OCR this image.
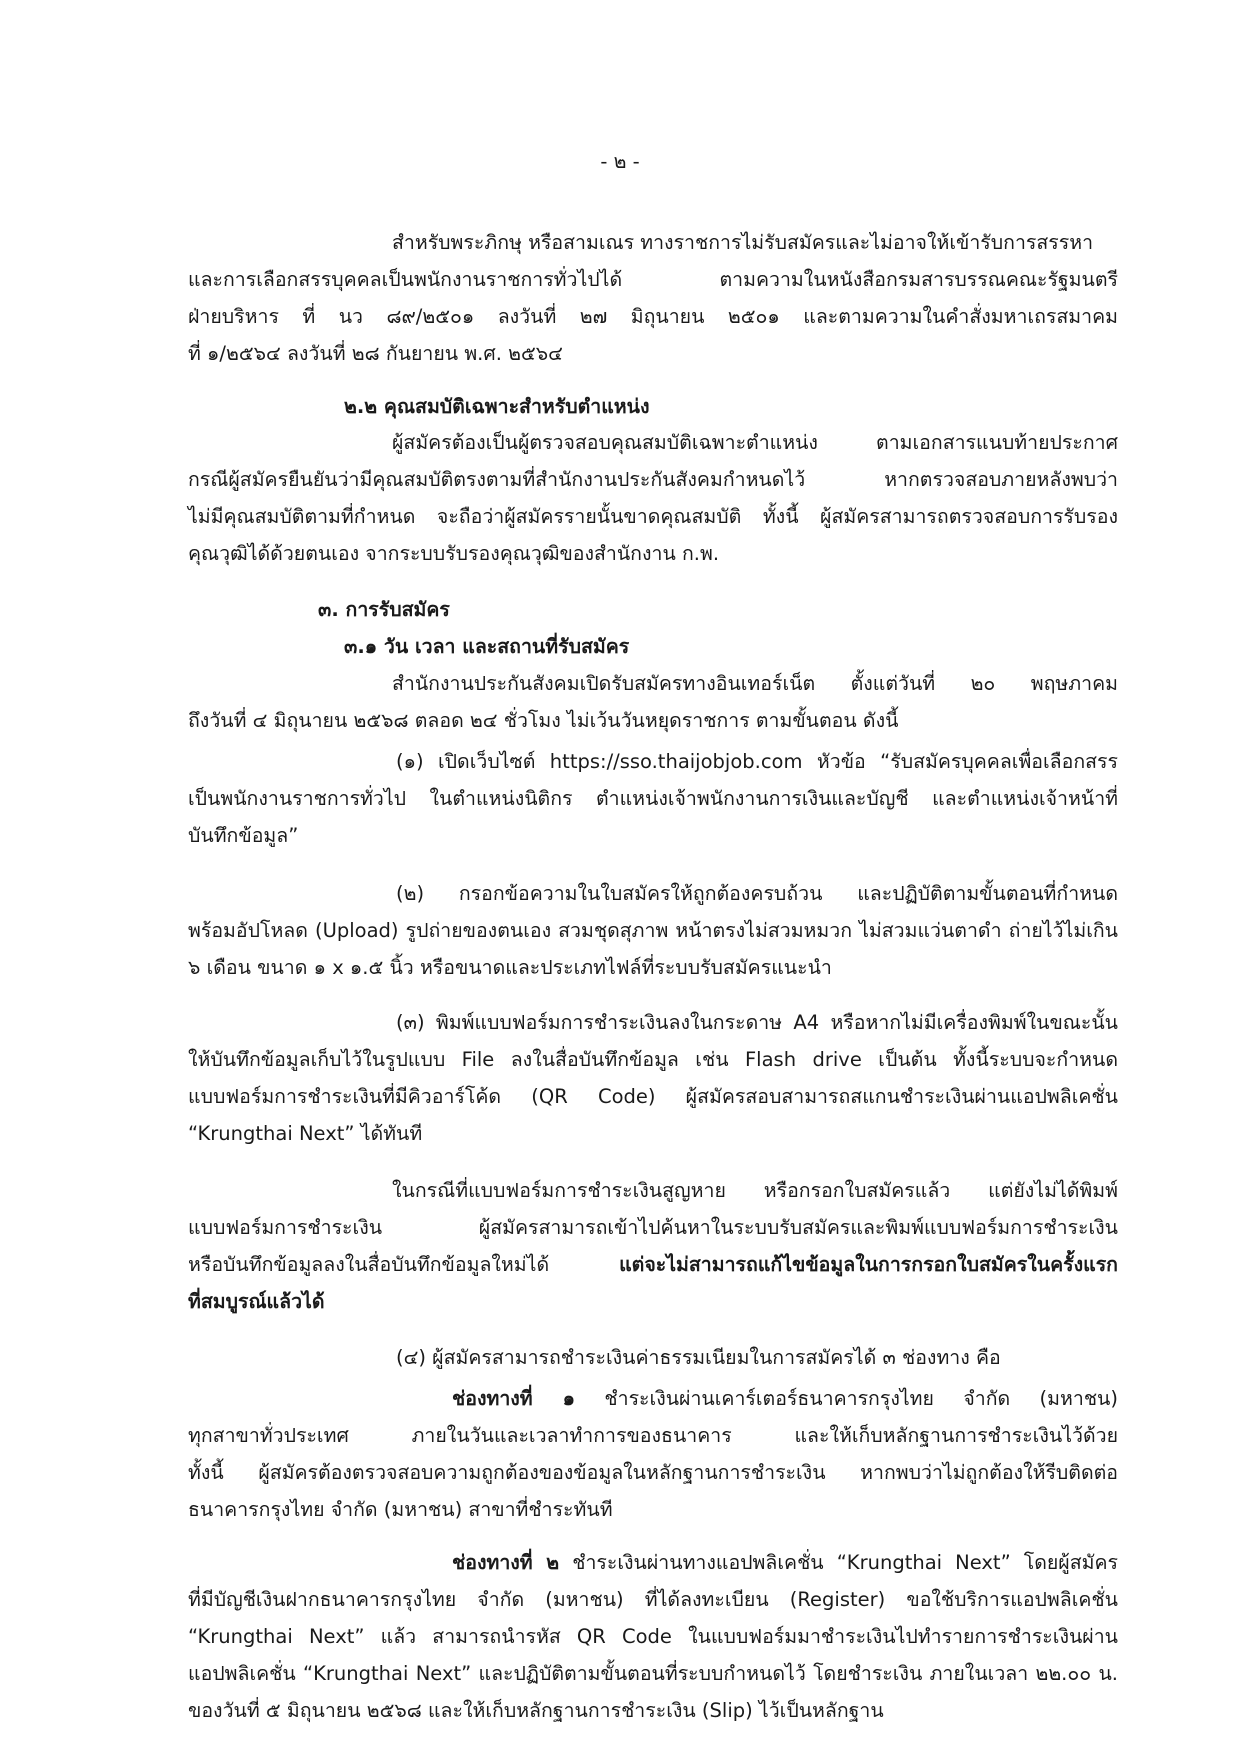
- ๒ -
สำหรับพระภิกษุ หรือสามเณร ทางราชการไม่รับสมัครและไม่อาจให้เข้ารับการสรรหา
และการเลือกสรรบุคคลเป็นพนักงานราชการทั่วไปได้ ตามความในหนังสือกรมสารบรรณคณะรัฐมนตรี
ฝ่ายบริหาร ที่ นว ๘๙/๒๕๐๑ ลงวันที่ ๒๗ มิถุนายน ๒๕๐๑ และตามความในคำสั่งมหาเถรสมาคม
ที่ ๑/๒๕๖๔ ลงวันที่ ๒๘ กันยายน พ.ศ. ๒๕๖๔
๒.๒ คุณสมบัติเฉพาะสำหรับตำแหน่ง
ผู้สมัครต้องเป็นผู้ตรวจสอบคุณสมบัติเฉพาะตำแหน่ง ตามเอกสารแนบท้ายประกาศ
กรณีผู้สมัครยืนยันว่ามีคุณสมบัติตรงตามที่สำนักงานประกันสังคมกำหนดไว้ หากตรวจสอบภายหลังพบว่า
ไม่มีคุณสมบัติตามที่กำหนด จะถือว่าผู้สมัครรายนั้นขาดคุณสมบัติ ทั้งนี้ ผู้สมัครสามารถตรวจสอบการรับรอง
คุณวุฒิได้ด้วยตนเอง จากระบบรับรองคุณวุฒิของสำนักงาน ก.พ.
๓. การรับสมัคร
๓.๑ วัน เวลา และสถานที่รับสมัคร
สำนักงานประกันสังคมเปิดรับสมัครทางอินเทอร์เน็ต ตั้งแต่วันที่ ๒๐ พฤษภาคม
ถึงวันที่ ๔ มิถุนายน ๒๕๖๘ ตลอด ๒๔ ชั่วโมง ไม่เว้นวันหยุดราชการ ตามขั้นตอน ดังนี้
(๑) เปิดเว็บไซต์ https://sso.thaijobjob.com หัวข้อ “รับสมัครบุคคลเพื่อเลือกสรร
เป็นพนักงานราชการทั่วไป ในตำแหน่งนิติกร ตำแหน่งเจ้าพนักงานการเงินและบัญชี และตำแหน่งเจ้าหน้าที่
บันทึกข้อมูล”
(๒) กรอกข้อความในใบสมัครให้ถูกต้องครบถ้วน และปฏิบัติตามขั้นตอนที่กำหนด
พร้อมอัปโหลด (Upload) รูปถ่ายของตนเอง สวมชุดสุภาพ หน้าตรงไม่สวมหมวก ไม่สวมแว่นตาดำ ถ่ายไว้ไม่เกิน
๖ เดือน ขนาด ๑ x ๑.๕ นิ้ว หรือขนาดและประเภทไฟล์ที่ระบบรับสมัครแนะนำ
(๓) พิมพ์แบบฟอร์มการชำระเงินลงในกระดาษ A4 หรือหากไม่มีเครื่องพิมพ์ในขณะนั้น
ให้บันทึกข้อมูลเก็บไว้ในรูปแบบ File ลงในสื่อบันทึกข้อมูล เช่น Flash drive เป็นต้น ทั้งนี้ระบบจะกำหนด
แบบฟอร์มการชำระเงินที่มีคิวอาร์โค้ด (QR Code) ผู้สมัครสอบสามารถสแกนชำระเงินผ่านแอปพลิเคชั่น
“Krungthai Next” ได้ทันที
ในกรณีที่แบบฟอร์มการชำระเงินสูญหาย หรือกรอกใบสมัครแล้ว แต่ยังไม่ได้พิมพ์
แบบฟอร์มการชำระเงิน ผู้สมัครสามารถเข้าไปค้นหาในระบบรับสมัครและพิมพ์แบบฟอร์มการชำระเงิน
หรือบันทึกข้อมูลลงในสื่อบันทึกข้อมูลใหม่ได้ แต่จะไม่สามารถแก้ไขข้อมูลในการกรอกใบสมัครในครั้งแรก
ที่สมบูรณ์แล้วได้
(๔) ผู้สมัครสามารถชำระเงินค่าธรรมเนียมในการสมัครได้ ๓ ช่องทาง คือ
ช่องทางที่ ๑ ชำระเงินผ่านเคาร์เตอร์ธนาคารกรุงไทย จำกัด (มหาชน)
ทุกสาขาทั่วประเทศ ภายในวันและเวลาทำการของธนาคาร และให้เก็บหลักฐานการชำระเงินไว้ด้วย
ทั้งนี้ ผู้สมัครต้องตรวจสอบความถูกต้องของข้อมูลในหลักฐานการชำระเงิน หากพบว่าไม่ถูกต้องให้รีบติดต่อ
ธนาคารกรุงไทย จำกัด (มหาชน) สาขาที่ชำระทันที
ช่องทางที่ ๒ ชำระเงินผ่านทางแอปพลิเคชั่น “Krungthai Next” โดยผู้สมัคร
ที่มีบัญชีเงินฝากธนาคารกรุงไทย จำกัด (มหาชน) ที่ได้ลงทะเบียน (Register) ขอใช้บริการแอปพลิเคชั่น
“Krungthai Next” แล้ว สามารถนำรหัส QR Code ในแบบฟอร์มมาชำระเงินไปทำรายการชำระเงินผ่าน
แอปพลิเคชั่น “Krungthai Next” และปฏิบัติตามขั้นตอนที่ระบบกำหนดไว้ โดยชำระเงิน ภายในเวลา ๒๒.๐๐ น.
ของวันที่ ๕ มิถุนายน ๒๕๖๘ และให้เก็บหลักฐานการชำระเงิน (Slip) ไว้เป็นหลักฐาน
